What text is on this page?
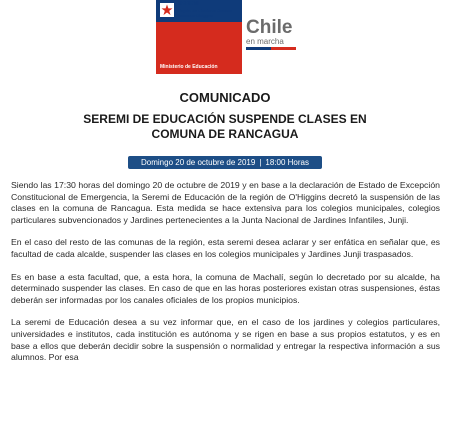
Ministerio de Educación
SEREMI
Región del Libertador General Bernardo O'Higgins
Chile
en marcha
COMUNICADO
SEREMI DE EDUCACIÓN SUSPENDE CLASES EN
COMUNA DE RANCAGUA
Domingo 20 de octubre de 2019 | 18:00 Horas

Siendo las 17:30 horas del domingo 20 de octubre de 2019 y en base a la declaración de Estado de Excepción Constitucional de Emergencia, la Seremi de Educación de la región de O'Higgins decretó la suspensión de las clases en la comuna de Rancagua. Esta medida se hace extensiva para los colegios municipales, colegios particulares subvencionados y Jardines pertenecientes a la Junta Nacional de Jardines Infantiles, Junji.

En el caso del resto de las comunas de la región, esta seremi desea aclarar y ser enfática en señalar que, es facultad de cada alcalde, suspender las clases en los colegios municipales y Jardines Junji traspasados.

Es en base a esta facultad, que, a esta hora, la comuna de Machalí, según lo decretado por su alcalde, ha determinado suspender las clases. En caso de que en las horas posteriores existan otras suspensiones, éstas deberán ser informadas por los canales oficiales de los propios municipios.

La seremi de Educación desea a su vez informar que, en el caso de los jardines y colegios particulares, universidades e institutos, cada institución es autónoma y se rigen en base a sus propios estatutos, y es en base a ellos que deberán decidir sobre la suspensión o normalidad y entregar la respectiva información a sus alumnos. Por esa
